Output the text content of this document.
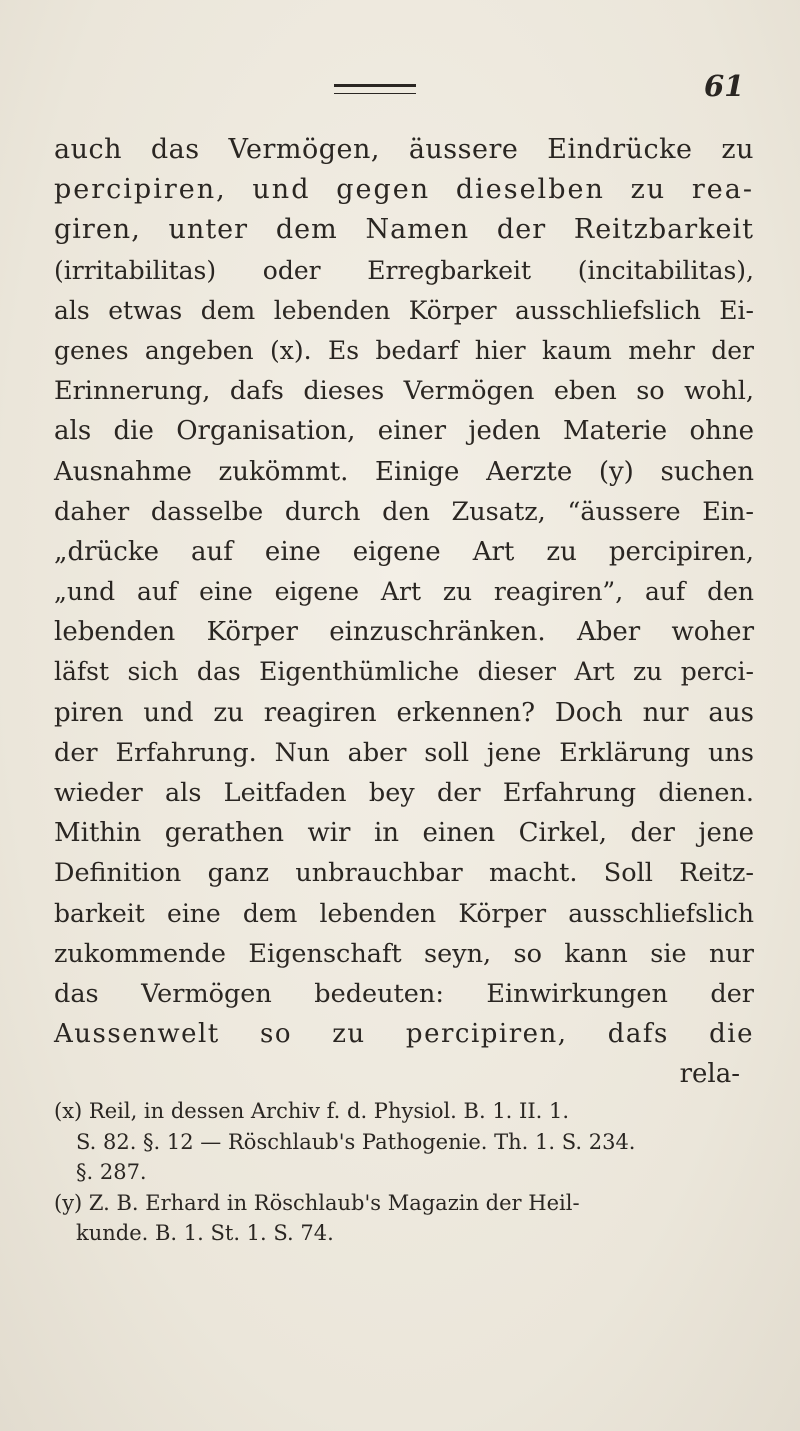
61
auch das Vermögen, äussere Eindrücke zu
percipiren, und gegen dieselben zu rea-
giren, unter dem Namen der Reitzbarkeit
(irritabilitas) oder Erregbarkeit (incitabilitas),
als etwas dem lebenden Körper ausschliefslich Ei-
genes angeben (x). Es bedarf hier kaum mehr der
Erinnerung, dafs dieses Vermögen eben so wohl,
als die Organisation, einer jeden Materie ohne
Ausnahme zukömmt. Einige Aerzte (y) suchen
daher dasselbe durch den Zusatz, “äussere Ein-
„drücke auf eine eigene Art zu percipiren,
„und auf eine eigene Art zu reagiren”, auf den
lebenden Körper einzuschränken. Aber woher
läfst sich das Eigenthümliche dieser Art zu perci-
piren und zu reagiren erkennen? Doch nur aus
der Erfahrung. Nun aber soll jene Erklärung uns
wieder als Leitfaden bey der Erfahrung dienen.
Mithin gerathen wir in einen Cirkel, der jene
Definition ganz unbrauchbar macht. Soll Reitz-
barkeit eine dem lebenden Körper ausschliefslich
zukommende Eigenschaft seyn, so kann sie nur
das Vermögen bedeuten: Einwirkungen der
Aussenwelt so zu percipiren, dafs die
rela-
(x) Reil, in dessen Archiv f. d. Physiol. B. 1. II. 1.
S. 82. §. 12 — Röschlaub's Pathogenie. Th. 1. S. 234.
§. 287.
(y) Z. B. Erhard in Röschlaub's Magazin der Heil-
kunde. B. 1. St. 1. S. 74.
